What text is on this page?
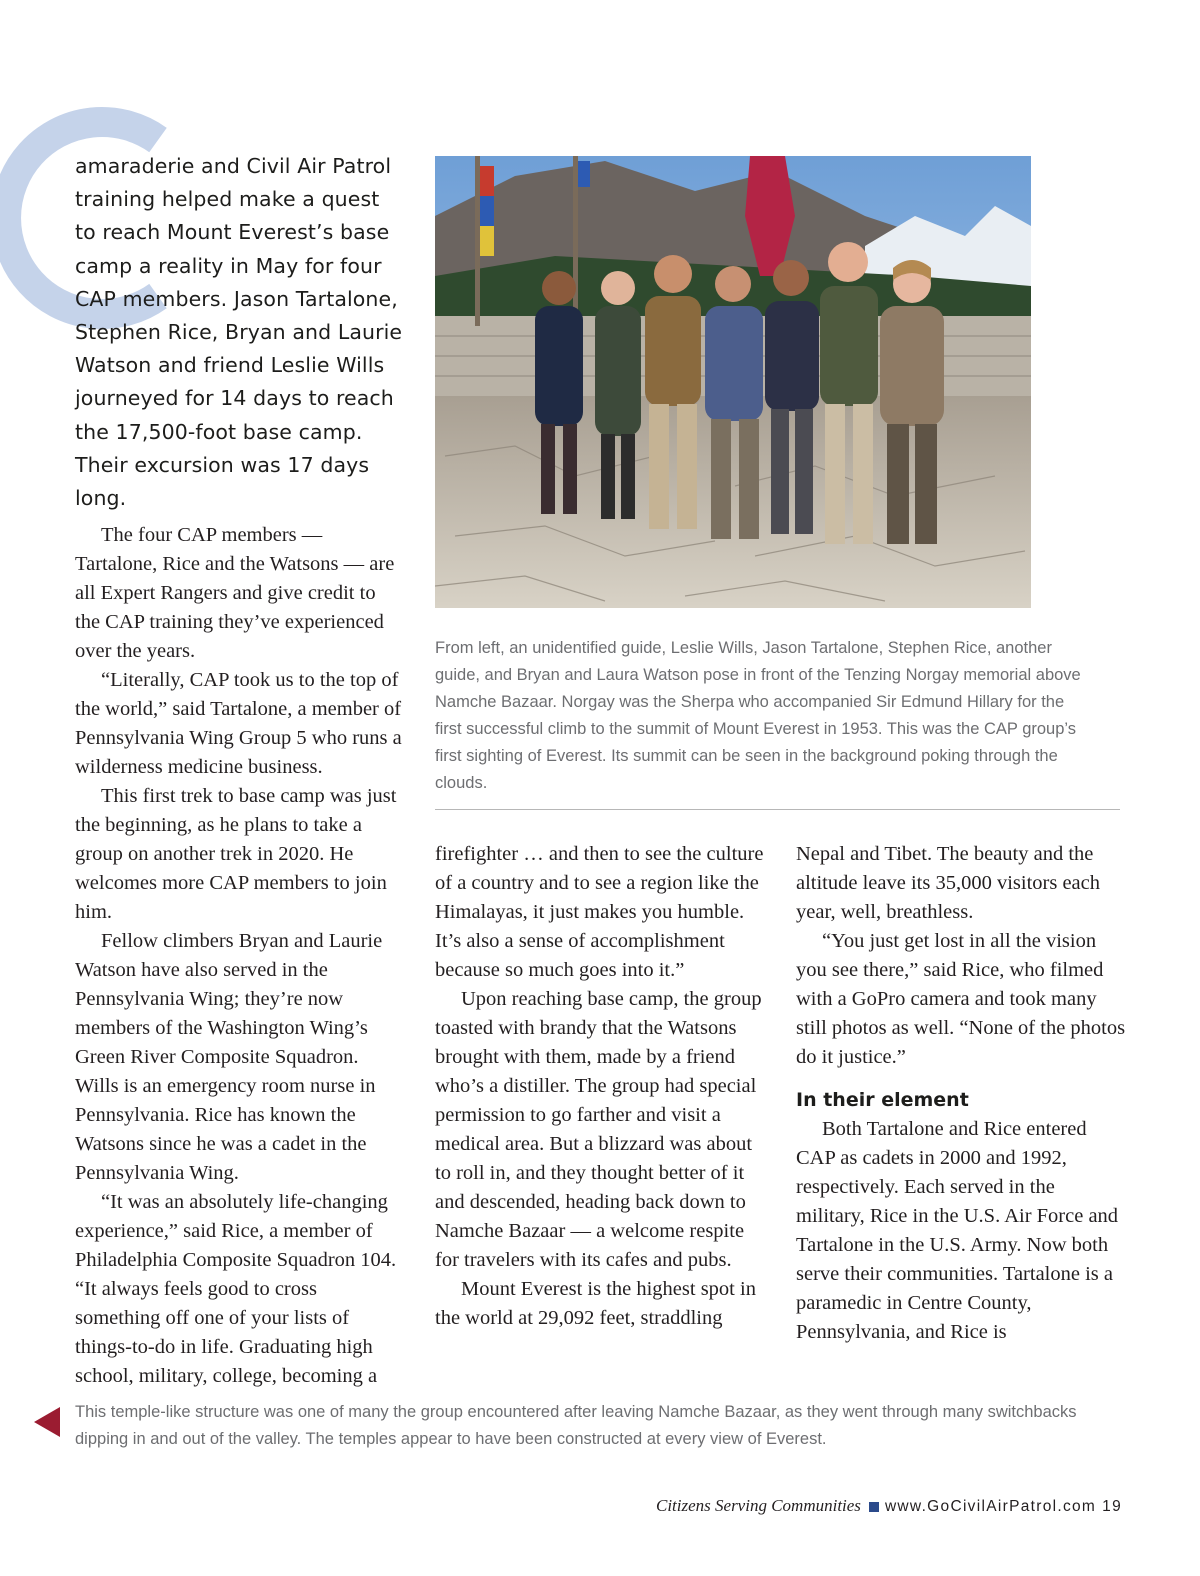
amaraderie and Civil Air Patrol training helped make a quest to reach Mount Everest’s base camp a reality in May for four CAP members. Jason Tartalone, Stephen Rice, Bryan and Laurie Watson and friend Leslie Wills journeyed for 14 days to reach the 17,500-foot base camp. Their excursion was 17 days long.

The four CAP members — Tartalone, Rice and the Watsons — are all Expert Rangers and give credit to the CAP training they’ve experienced over the years.

“Literally, CAP took us to the top of the world,” said Tartalone, a member of Pennsylvania Wing Group 5 who runs a wilderness medicine business.

This first trek to base camp was just the beginning, as he plans to take a group on another trek in 2020. He welcomes more CAP members to join him.

Fellow climbers Bryan and Laurie Watson have also served in the Pennsylvania Wing; they’re now members of the Washington Wing’s Green River Composite Squadron. Wills is an emergency room nurse in Pennsylvania. Rice has known the Watsons since he was a cadet in the Pennsylvania Wing.

“It was an absolutely life-changing experience,” said Rice, a member of Philadelphia Composite Squadron 104. “It always feels good to cross something off one of your lists of things-to-do in life. Graduating high school, military, college, becoming a

From left, an unidentified guide, Leslie Wills, Jason Tartalone, Stephen Rice, another guide, and Bryan and Laura Watson pose in front of the Tenzing Norgay memorial above Namche Bazaar. Norgay was the Sherpa who accompanied Sir Edmund Hillary for the first successful climb to the summit of Mount Everest in 1953. This was the CAP group’s first sighting of Everest. Its summit can be seen in the background poking through the clouds.

firefighter … and then to see the culture of a country and to see a region like the Himalayas, it just makes you humble. It’s also a sense of accomplishment because so much goes into it.”

Upon reaching base camp, the group toasted with brandy that the Watsons brought with them, made by a friend who’s a distiller. The group had special permission to go farther and visit a medical area. But a blizzard was about to roll in, and they thought better of it and descended, heading back down to Namche Bazaar — a welcome respite for travelers with its cafes and pubs.

Mount Everest is the highest spot in the world at 29,092 feet, straddling

Nepal and Tibet. The beauty and the altitude leave its 35,000 visitors each year, well, breathless.

“You just get lost in all the vision you see there,” said Rice, who filmed with a GoPro camera and took many still photos as well. “None of the photos do it justice.”

In their element

Both Tartalone and Rice entered CAP as cadets in 2000 and 1992, respectively. Each served in the military, Rice in the U.S. Air Force and Tartalone in the U.S. Army. Now both serve their communities. Tartalone is a paramedic in Centre County, Pennsylvania, and Rice is

This temple-like structure was one of many the group encountered after leaving Namche Bazaar, as they went through many switchbacks dipping in and out of the valley. The temples appear to have been constructed at every view of Everest.

Citizens Serving Communities www.GoCivilAirPatrol.com 19
